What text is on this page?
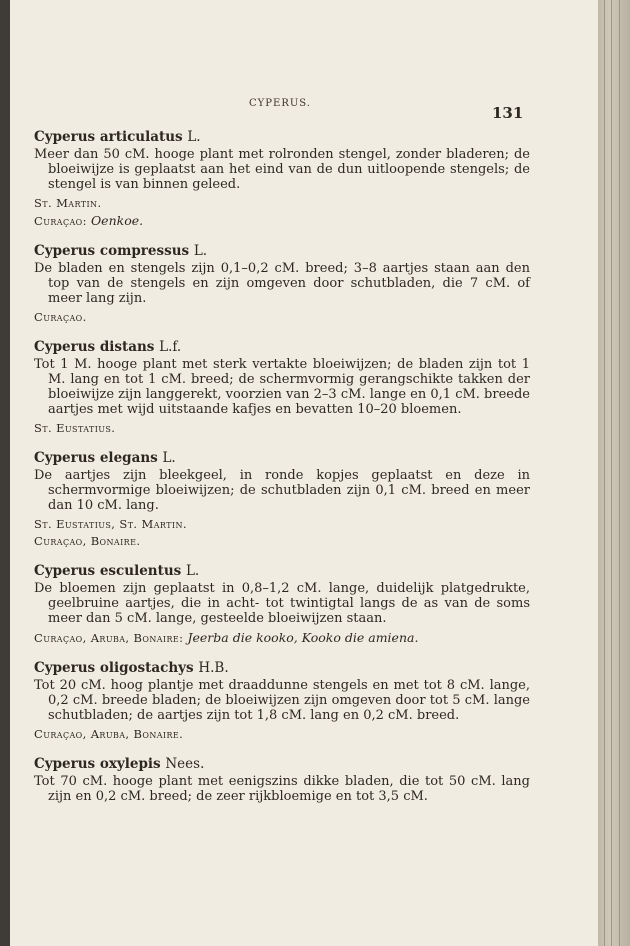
CYPERUS.
131
Cyperus articulatus L.
Meer dan 50 cM. hooge plant met rolronden stengel, zonder bladeren; de bloeiwijze is geplaatst aan het eind van de dun uitloopende stengels; de stengel is van binnen geleed.
St. Martin.
Curaçao: Oenkoe.
Cyperus compressus L.
De bladen en stengels zijn 0,1–0,2 cM. breed; 3–8 aartjes staan aan den top van de stengels en zijn omgeven door schutbladen, die 7 cM. of meer lang zijn.
Curaçao.
Cyperus distans L.f.
Tot 1 M. hooge plant met sterk vertakte bloeiwijzen; de bladen zijn tot 1 M. lang en tot 1 cM. breed; de schermvormig gerangschikte takken der bloeiwijze zijn langgerekt, voorzien van 2–3 cM. lange en 0,1 cM. breede aartjes met wijd uitstaande kafjes en bevatten 10–20 bloemen.
St. Eustatius.
Cyperus elegans L.
De aartjes zijn bleekgeel, in ronde kopjes geplaatst en deze in schermvormige bloeiwijzen; de schutbladen zijn 0,1 cM. breed en meer dan 10 cM. lang.
St. Eustatius, St. Martin.
Curaçao, Bonaire.
Cyperus esculentus L.
De bloemen zijn geplaatst in 0,8–1,2 cM. lange, duidelijk platgedrukte, geelbruine aartjes, die in acht- tot twintigtal langs de as van de soms meer dan 5 cM. lange, gesteelde bloeiwijzen staan.
Curaçao, Aruba, Bonaire: Jeerba die kooko, Kooko die amiena.
Cyperus oligostachys H.B.
Tot 20 cM. hoog plantje met draaddunne stengels en met tot 8 cM. lange, 0,2 cM. breede bladen; de bloeiwijzen zijn omgeven door tot 5 cM. lange schutbladen; de aartjes zijn tot 1,8 cM. lang en 0,2 cM. breed.
Curaçao, Aruba, Bonaire.
Cyperus oxylepis Nees.
Tot 70 cM. hooge plant met eenigszins dikke bladen, die tot 50 cM. lang zijn en 0,2 cM. breed; de zeer rijkbloemige en tot 3,5 cM.
